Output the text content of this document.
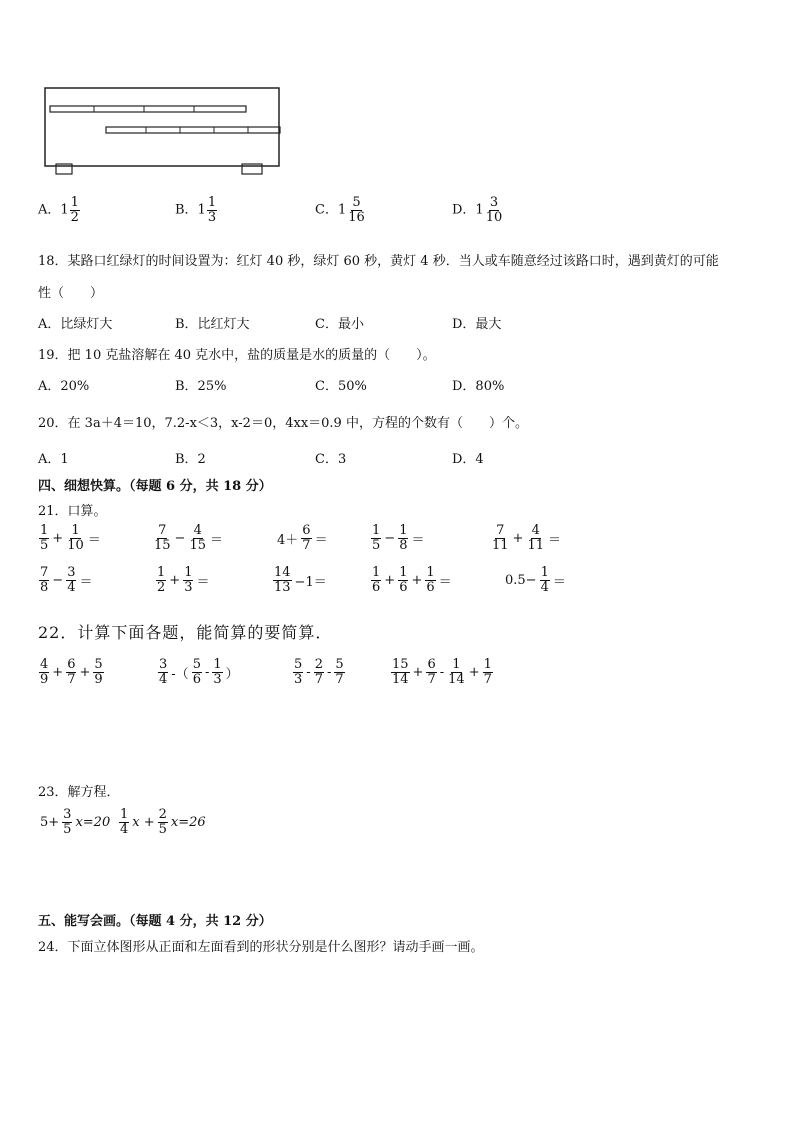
A．$1 \frac{1}{2}$	B．$1 \frac{1}{3}$	C．$1 \frac{5}{16}$	D．$1 \frac{3}{10}$
18．某路口红绿灯的时间设置为：红灯 40 秒，绿灯 60 秒，黄灯 4 秒．当人或车随意经过该路口时，遇到黄灯的可能
性（　　）
A．比绿灯大	B．比红灯大	C．最小	D．最大
19．把 10 克盐溶解在 40 克水中，盐的质量是水的质量的（　　）。
A．20%	B．25%	C．50%	D．80%
20．在 3a＋4＝10，7.2-x＜3，x-2＝0，4xx＝0.9 中，方程的个数有（　　）个。
A．1	B．2	C．3	D．4
四、细想快算。（每题 6 分，共 18 分）
21．口算。
$\frac{1}{5} + \frac{1}{10}$ ＝	$\frac{7}{15} - \frac{4}{15}$ ＝	$4+ \frac{6}{7}$ ＝	$\frac{1}{5} - \frac{1}{8}$ ＝	$\frac{7}{11} + \frac{4}{11}$ ＝
$\frac{7}{8} - \frac{3}{4}$ ＝	$\frac{1}{2} + \frac{1}{3}$ ＝	$\frac{14}{13} -1=$	$\frac{1}{6} + \frac{1}{6} + \frac{1}{6}$ ＝	$0.5- \frac{1}{4}$ ＝
22．计算下面各题，能简算的要简算．
$\frac{4}{9} + \frac{6}{7} + \frac{5}{9}$	$\frac{3}{4}$ -（ $\frac{5}{6} - \frac{1}{3}$ ）	$\frac{5}{3} - \frac{2}{7} - \frac{5}{7}$	$\frac{15}{14} + \frac{6}{7} - \frac{1}{14} + \frac{1}{7}$
23．解方程．
$5+ \frac{3}{5} x=20 \frac{1}{4}$ $x + \frac{2}{5} x=26$
五、能写会画。（每题 4 分，共 12 分）
24．下面立体图形从正面和左面看到的形状分别是什么图形？请动手画一画。
